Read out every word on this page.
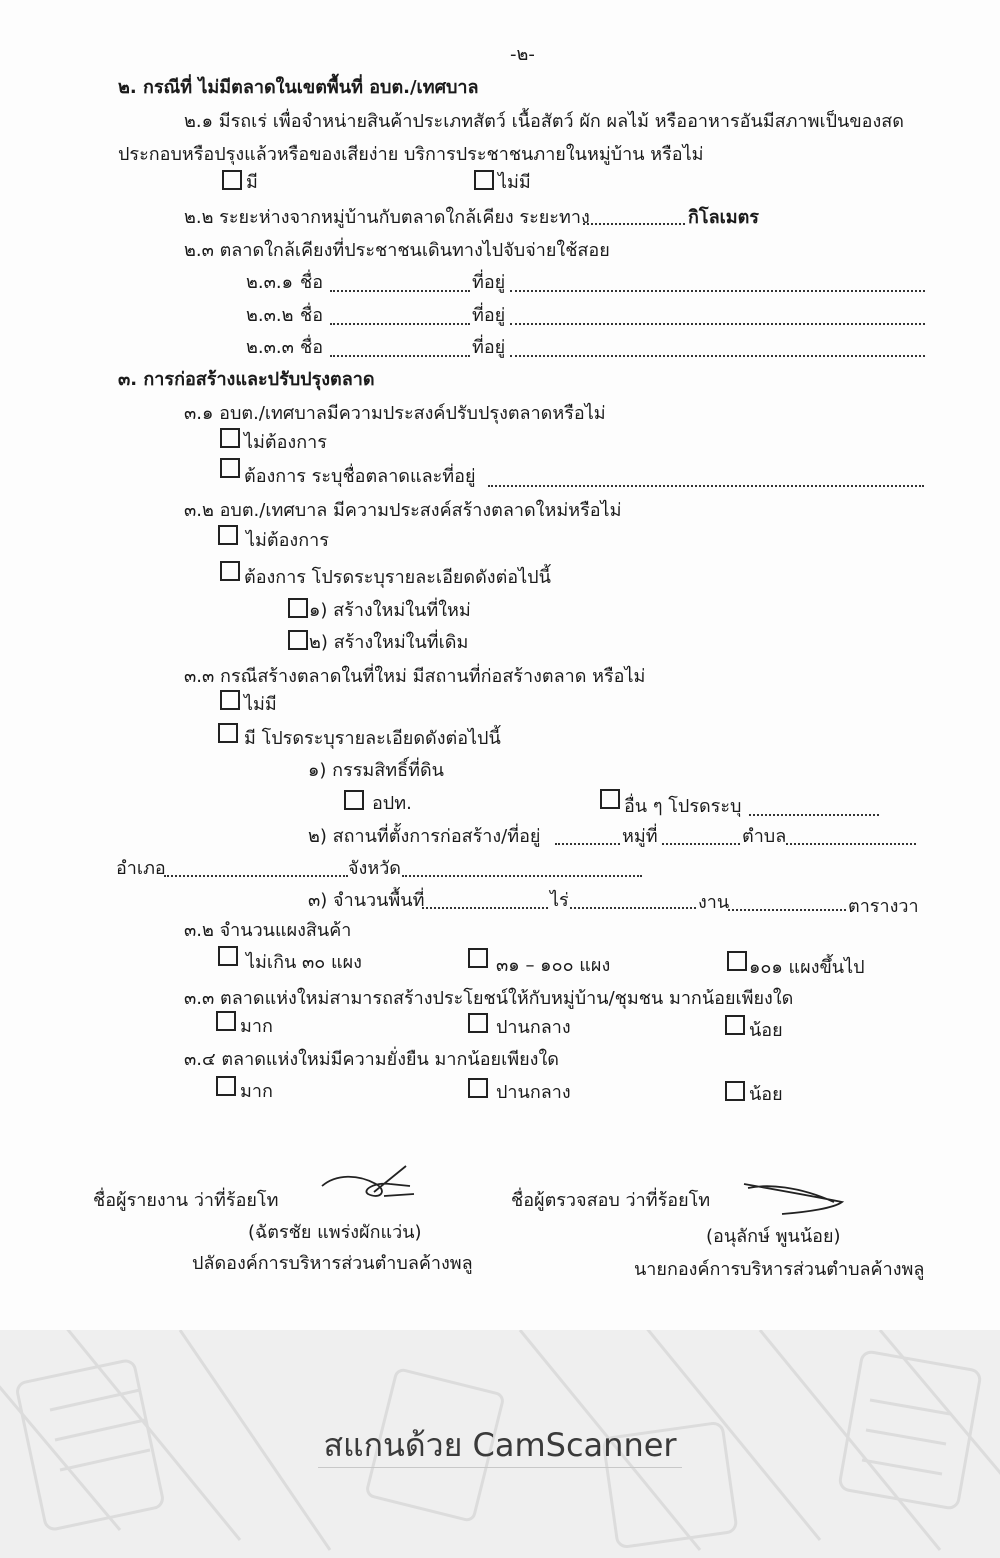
-๒-
๒. กรณีที่ ไม่มีตลาดในเขตพื้นที่ อบต./เทศบาล
๒.๑ มีรถเร่ เพื่อจำหน่ายสินค้าประเภทสัตว์ เนื้อสัตว์ ผัก ผลไม้ หรืออาหารอันมีสภาพเป็นของสด
ประกอบหรือปรุงแล้วหรือของเสียง่าย บริการประชาชนภายในหมู่บ้าน หรือไม่
มี	ไม่มี
๒.๒ ระยะห่างจากหมู่บ้านกับตลาดใกล้เคียง ระยะทาง	กิโลเมตร
๒.๓ ตลาดใกล้เคียงที่ประชาชนเดินทางไปจับจ่ายใช้สอย
๒.๓.๑ ชื่อ	ที่อยู่
๒.๓.๒ ชื่อ	ที่อยู่
๒.๓.๓ ชื่อ	ที่อยู่
๓. การก่อสร้างและปรับปรุงตลาด
๓.๑ อบต./เทศบาลมีความประสงค์ปรับปรุงตลาดหรือไม่
ไม่ต้องการ
ต้องการ ระบุชื่อตลาดและที่อยู่
๓.๒ อบต./เทศบาล มีความประสงค์สร้างตลาดใหม่หรือไม่
ไม่ต้องการ
ต้องการ โปรดระบุรายละเอียดดังต่อไปนี้
๑) สร้างใหม่ในที่ใหม่
๒) สร้างใหม่ในที่เดิม
๓.๓ กรณีสร้างตลาดในที่ใหม่ มีสถานที่ก่อสร้างตลาด หรือไม่
ไม่มี
มี โปรดระบุรายละเอียดดังต่อไปนี้
๑) กรรมสิทธิ์ที่ดิน
อปท.	อื่น ๆ โปรดระบุ
๒) สถานที่ตั้งการก่อสร้าง/ที่อยู่	หมู่ที่	ตำบล
อำเภอ	จังหวัด
๓) จำนวนพื้นที่	ไร่	งาน	ตารางวา
๓.๒ จำนวนแผงสินค้า
ไม่เกิน ๓๐ แผง	๓๑ – ๑๐๐ แผง	๑๐๑ แผงขึ้นไป
๓.๓ ตลาดแห่งใหม่สามารถสร้างประโยชน์ให้กับหมู่บ้าน/ชุมชน มากน้อยเพียงใด
มาก	ปานกลาง	น้อย
๓.๔ ตลาดแห่งใหม่มีความยั่งยืน มากน้อยเพียงใด
มาก	ปานกลาง	น้อย
ชื่อผู้รายงาน ว่าที่ร้อยโท
(ฉัตรชัย แพร่งผักแว่น)
ปลัดองค์การบริหารส่วนตำบลค้างพลู
ชื่อผู้ตรวจสอบ ว่าที่ร้อยโท
(อนุลักษ์ พูนน้อย)
นายกองค์การบริหารส่วนตำบลค้างพลู
สแกนด้วย CamScanner
